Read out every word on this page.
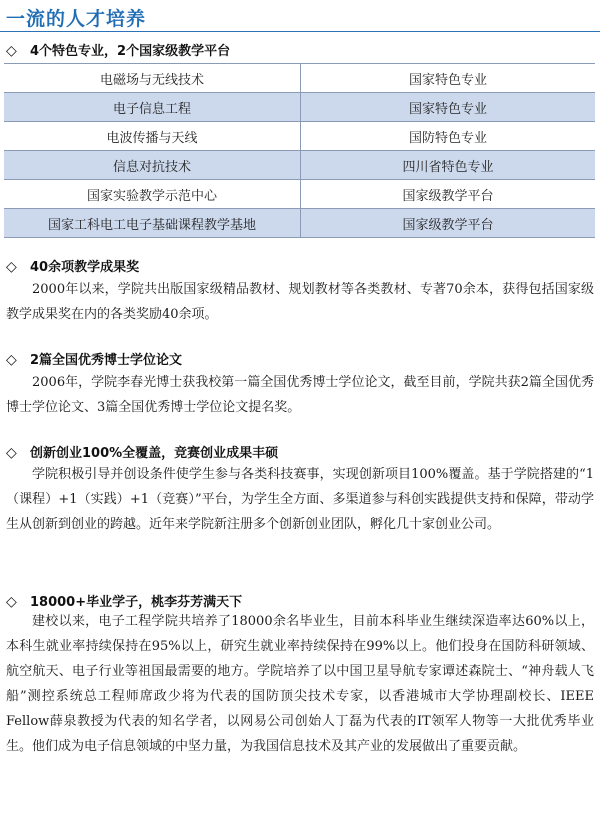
一流的人才培养
◇ 4个特色专业，2个国家级教学平台
电磁场与无线技术	国家特色专业
电子信息工程	国家特色专业
电波传播与天线	国防特色专业
信息对抗技术	四川省特色专业
国家实验教学示范中心	国家级教学平台
国家工科电工电子基础课程教学基地	国家级教学平台
◇ 40余项教学成果奖

2000年以来，学院共出版国家级精品教材、规划教材等各类教材、专著70余本，获得包括国家级教学成果奖在内的各类奖励40余项。

◇ 2篇全国优秀博士学位论文

2006年，学院李春光博士获我校第一篇全国优秀博士学位论文，截至目前，学院共获2篇全国优秀博士学位论文、3篇全国优秀博士学位论文提名奖。

◇ 创新创业100%全覆盖，竞赛创业成果丰硕

学院积极引导并创设条件使学生参与各类科技赛事，实现创新项目100%覆盖。基于学院搭建的“1（课程）+1（实践）+1（竞赛）”平台，为学生全方面、多渠道参与科创实践提供支持和保障，带动学生从创新到创业的跨越。近年来学院新注册多个创新创业团队，孵化几十家创业公司。

◇ 18000+毕业学子，桃李芬芳满天下

建校以来，电子工程学院共培养了18000余名毕业生，目前本科毕业生继续深造率达60%以上，本科生就业率持续保持在95%以上，研究生就业率持续保持在99%以上。他们投身在国防科研领域、航空航天、电子行业等祖国最需要的地方。学院培养了以中国卫星导航专家谭述森院士、“神舟载人飞船”测控系统总工程师席政少将为代表的国防顶尖技术专家，以香港城市大学协理副校长、IEEE Fellow薛泉教授为代表的知名学者，以网易公司创始人丁磊为代表的IT领军人物等一大批优秀毕业生。他们成为电子信息领域的中坚力量，为我国信息技术及其产业的发展做出了重要贡献。
